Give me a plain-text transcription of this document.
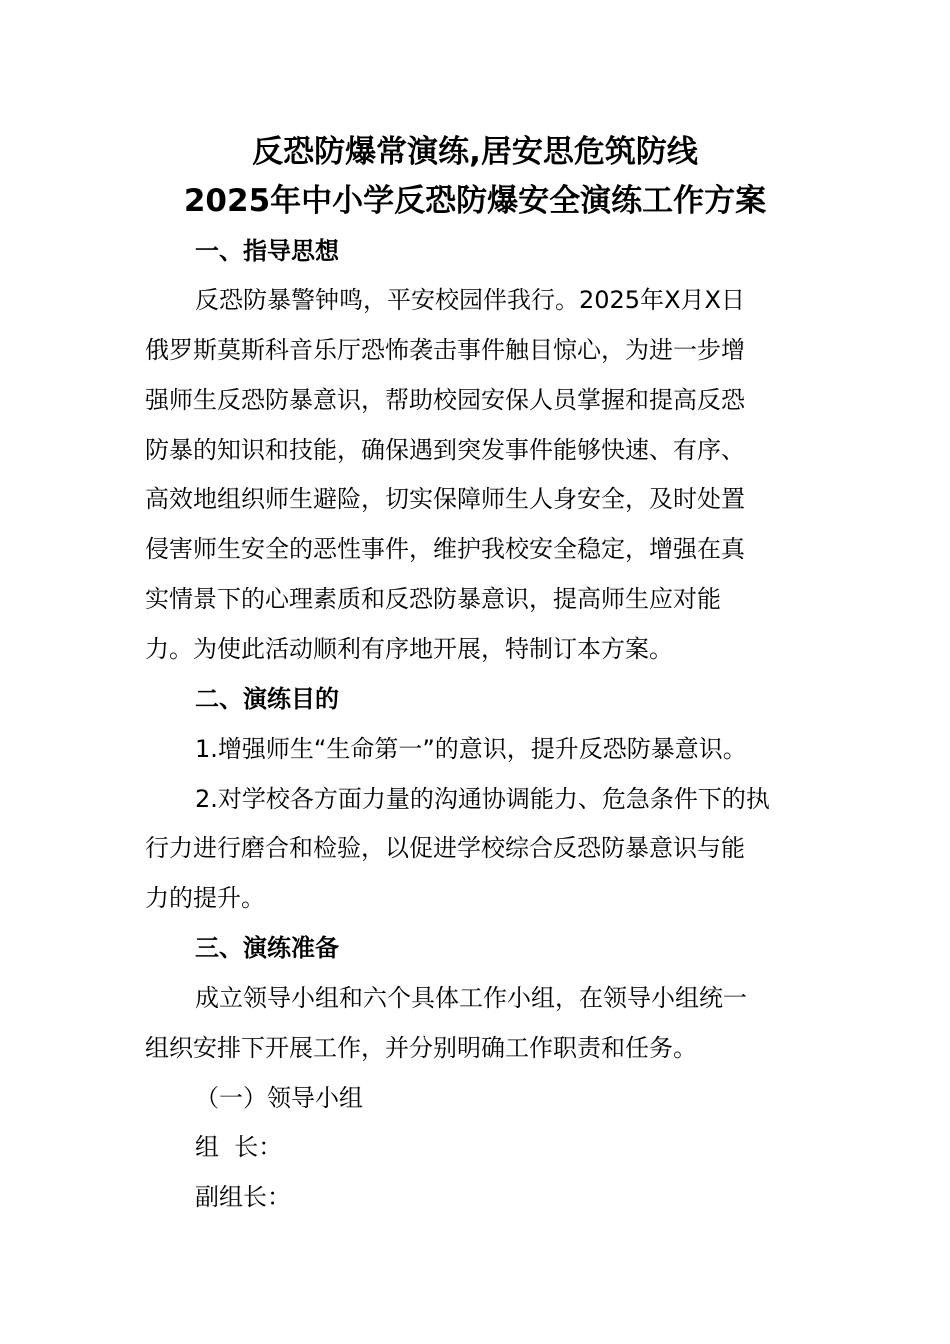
反恐防爆常演练,居安思危筑防线
2025年中小学反恐防爆安全演练工作方案
一、指导思想
反恐防暴警钟鸣，平安校园伴我行。2025年X月X日
俄罗斯莫斯科音乐厅恐怖袭击事件触目惊心，为进一步增
强师生反恐防暴意识，帮助校园安保人员掌握和提高反恐
防暴的知识和技能，确保遇到突发事件能够快速、有序、
高效地组织师生避险，切实保障师生人身安全，及时处置
侵害师生安全的恶性事件，维护我校安全稳定，增强在真
实情景下的心理素质和反恐防暴意识，提高师生应对能
力。为使此活动顺利有序地开展，特制订本方案。
二、演练目的
1.增强师生“生命第一”的意识，提升反恐防暴意识。
2.对学校各方面力量的沟通协调能力、危急条件下的执
行力进行磨合和检验，以促进学校综合反恐防暴意识与能
力的提升。
三、演练准备
成立领导小组和六个具体工作小组，在领导小组统一
组织安排下开展工作，并分别明确工作职责和任务。
（一）领导小组
组  长：
副组长：
